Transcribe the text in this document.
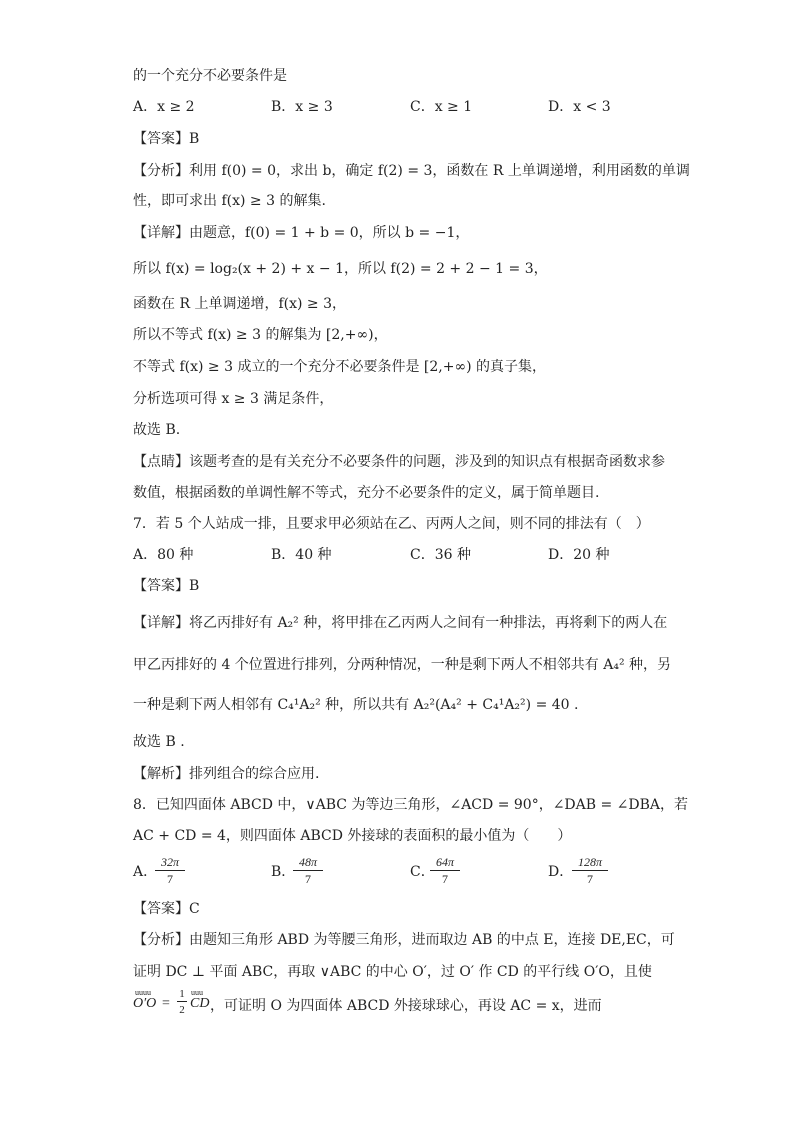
的一个充分不必要条件是
A．x ≥ 2	B．x ≥ 3	C．x ≥ 1	D．x < 3
【答案】B
【分析】利用 f(0) = 0，求出 b，确定 f(2) = 3，函数在 R 上单调递增，利用函数的单调
性，即可求出 f(x) ≥ 3 的解集.
【详解】由题意，f(0) = 1 + b = 0，所以 b = −1，
所以 f(x) = log₂(x + 2) + x − 1，所以 f(2) = 2 + 2 − 1 = 3，
函数在 R 上单调递增，f(x) ≥ 3，
所以不等式 f(x) ≥ 3 的解集为 [2,+∞)，
不等式 f(x) ≥ 3 成立的一个充分不必要条件是 [2,+∞) 的真子集，
分析选项可得 x ≥ 3 满足条件，
故选 B.
【点睛】该题考查的是有关充分不必要条件的问题，涉及到的知识点有根据奇函数求参
数值，根据函数的单调性解不等式，充分不必要条件的定义，属于简单题目.
7．若 5 个人站成一排，且要求甲必须站在乙、丙两人之间，则不同的排法有（　）
A．80 种	B．40 种	C．36 种	D．20 种
【答案】B
【详解】将乙丙排好有 A₂² 种，将甲排在乙丙两人之间有一种排法，再将剩下的两人在
甲乙丙排好的 4 个位置进行排列，分两种情况，一种是剩下两人不相邻共有 A₄² 种，另
一种是剩下两人相邻有 C₄¹A₂² 种，所以共有 A₂²(A₄² + C₄¹A₂²) = 40 .
故选 B .
【解析】排列组合的综合应用.
8．已知四面体 ABCD 中，∨ABC 为等边三角形，∠ACD = 90°，∠DAB = ∠DBA，若
AC + CD = 4，则四面体 ABCD 外接球的表面积的最小值为（　　）
A．
$\frac{32\pi}{7}$	B．
$\frac{48\pi}{7}$	C．
$\frac{64\pi}{7}$	D．
$\frac{128\pi}{7}$
【答案】C
【分析】由题知三角形 ABD 为等腰三角形，进而取边 AB 的中点 E，连接 DE,EC，可
证明 DC ⊥ 平面 ABC，再取 ∨ABC 的中心 O′，过 O′ 作 CD 的平行线 O′O，且使
uuuu
O′O =
1
2
uuu
CD ，可证明 O 为四面体 ABCD 外接球球心，再设 AC = x，进而
